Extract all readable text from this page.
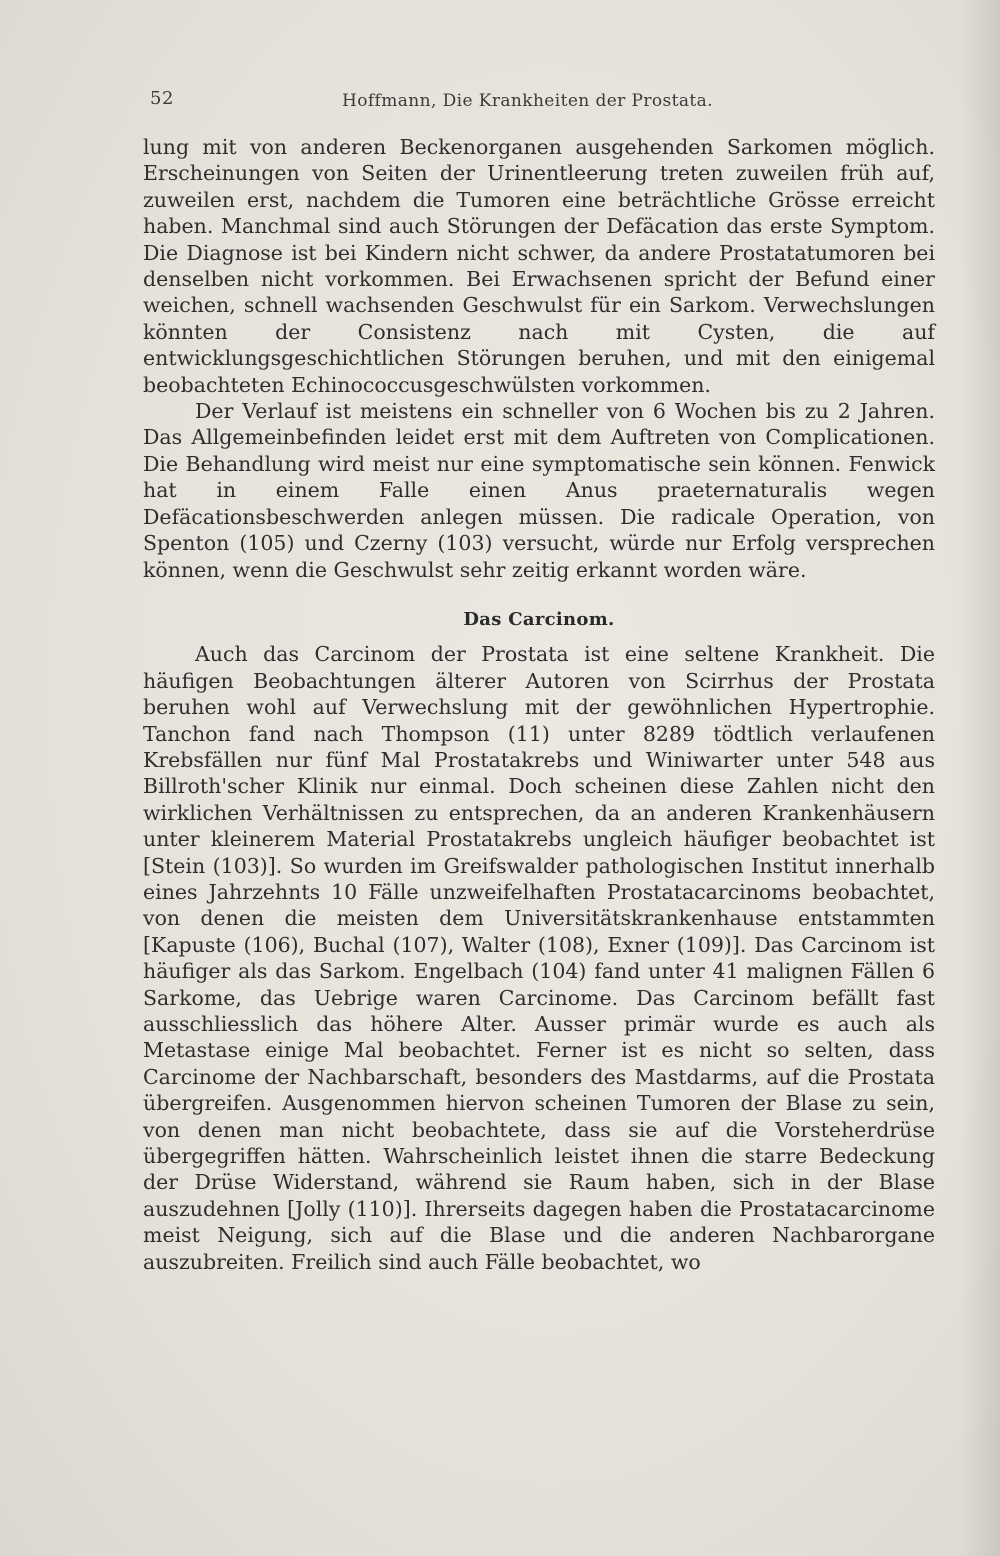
52	Hoffmann, Die Krankheiten der Prostata.

lung mit von anderen Beckenorganen ausgehenden Sarkomen möglich. Erscheinungen von Seiten der Urinentleerung treten zuweilen früh auf, zuweilen erst, nachdem die Tumoren eine beträchtliche Grösse erreicht haben. Manchmal sind auch Störungen der Defäcation das erste Symptom. Die Diagnose ist bei Kindern nicht schwer, da andere Prostatatumoren bei denselben nicht vorkommen. Bei Erwachsenen spricht der Befund einer weichen, schnell wachsenden Geschwulst für ein Sarkom. Verwechslungen könnten der Consistenz nach mit Cysten, die auf entwicklungsgeschichtlichen Störungen beruhen, und mit den einigemal beobachteten Echinococcusgeschwülsten vorkommen.

Der Verlauf ist meistens ein schneller von 6 Wochen bis zu 2 Jahren. Das Allgemeinbefinden leidet erst mit dem Auftreten von Complicationen. Die Behandlung wird meist nur eine symptomatische sein können. Fenwick hat in einem Falle einen Anus praeternaturalis wegen Defäcationsbeschwerden anlegen müssen. Die radicale Operation, von Spenton (105) und Czerny (103) versucht, würde nur Erfolg versprechen können, wenn die Geschwulst sehr zeitig erkannt worden wäre.

Das Carcinom.

Auch das Carcinom der Prostata ist eine seltene Krankheit. Die häufigen Beobachtungen älterer Autoren von Scirrhus der Prostata beruhen wohl auf Verwechslung mit der gewöhnlichen Hypertrophie. Tanchon fand nach Thompson (11) unter 8289 tödtlich verlaufenen Krebsfällen nur fünf Mal Prostatakrebs und Winiwarter unter 548 aus Billroth'scher Klinik nur einmal. Doch scheinen diese Zahlen nicht den wirklichen Verhältnissen zu entsprechen, da an anderen Krankenhäusern unter kleinerem Material Prostatakrebs ungleich häufiger beobachtet ist [Stein (103)]. So wurden im Greifswalder pathologischen Institut innerhalb eines Jahrzehnts 10 Fälle unzweifelhaften Prostatacarcinoms beobachtet, von denen die meisten dem Universitätskrankenhause entstammten [Kapuste (106), Buchal (107), Walter (108), Exner (109)]. Das Carcinom ist häufiger als das Sarkom. Engelbach (104) fand unter 41 malignen Fällen 6 Sarkome, das Uebrige waren Carcinome. Das Carcinom befällt fast ausschliesslich das höhere Alter. Ausser primär wurde es auch als Metastase einige Mal beobachtet. Ferner ist es nicht so selten, dass Carcinome der Nachbarschaft, besonders des Mastdarms, auf die Prostata übergreifen. Ausgenommen hiervon scheinen Tumoren der Blase zu sein, von denen man nicht beobachtete, dass sie auf die Vorsteherdrüse übergegriffen hätten. Wahrscheinlich leistet ihnen die starre Bedeckung der Drüse Widerstand, während sie Raum haben, sich in der Blase auszudehnen [Jolly (110)]. Ihrerseits dagegen haben die Prostatacarcinome meist Neigung, sich auf die Blase und die anderen Nachbarorgane auszubreiten. Freilich sind auch Fälle beobachtet, wo
